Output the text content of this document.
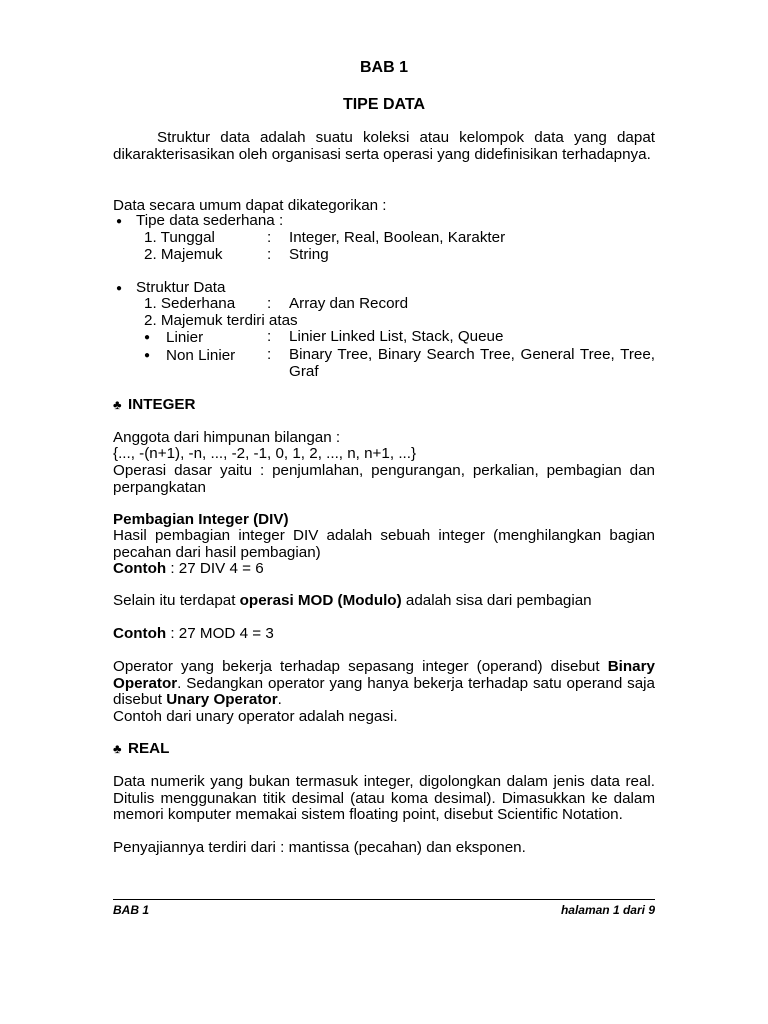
BAB 1
TIPE DATA
Struktur data adalah suatu koleksi atau kelompok data yang dapat dikarakterisasikan oleh organisasi serta operasi yang didefinisikan terhadapnya.
Data secara umum dapat dikategorikan :
● Tipe data sederhana :
1. Tunggal	: Integer, Real, Boolean, Karakter
2. Majemuk	: String
● Struktur Data
1. Sederhana : Array dan Record
2. Majemuk terdiri atas
● Linier	: Linier Linked List, Stack, Queue
● Non Linier : Binary Tree, Binary Search Tree, General Tree, Tree, Graf
♣ INTEGER
Anggota dari himpunan bilangan :
{..., -(n+1), -n, ..., -2, -1, 0, 1, 2, ..., n, n+1, ...}
Operasi dasar yaitu : penjumlahan, pengurangan, perkalian, pembagian dan perpangkatan
Pembagian Integer (DIV)
Hasil pembagian integer DIV adalah sebuah integer (menghilangkan bagian pecahan dari hasil pembagian)
Contoh : 27 DIV 4 = 6
Selain itu terdapat operasi MOD (Modulo) adalah sisa dari pembagian
Contoh : 27 MOD 4 = 3
Operator yang bekerja terhadap sepasang integer (operand) disebut Binary Operator. Sedangkan operator yang hanya bekerja terhadap satu operand saja disebut Unary Operator.
Contoh dari unary operator adalah negasi.
♣ REAL
Data numerik yang bukan termasuk integer, digolongkan dalam jenis data real. Ditulis menggunakan titik desimal (atau koma desimal). Dimasukkan ke dalam memori komputer memakai sistem floating point, disebut Scientific Notation.
Penyajiannya terdiri dari : mantissa (pecahan) dan eksponen.
BAB 1	halaman 1 dari 9
